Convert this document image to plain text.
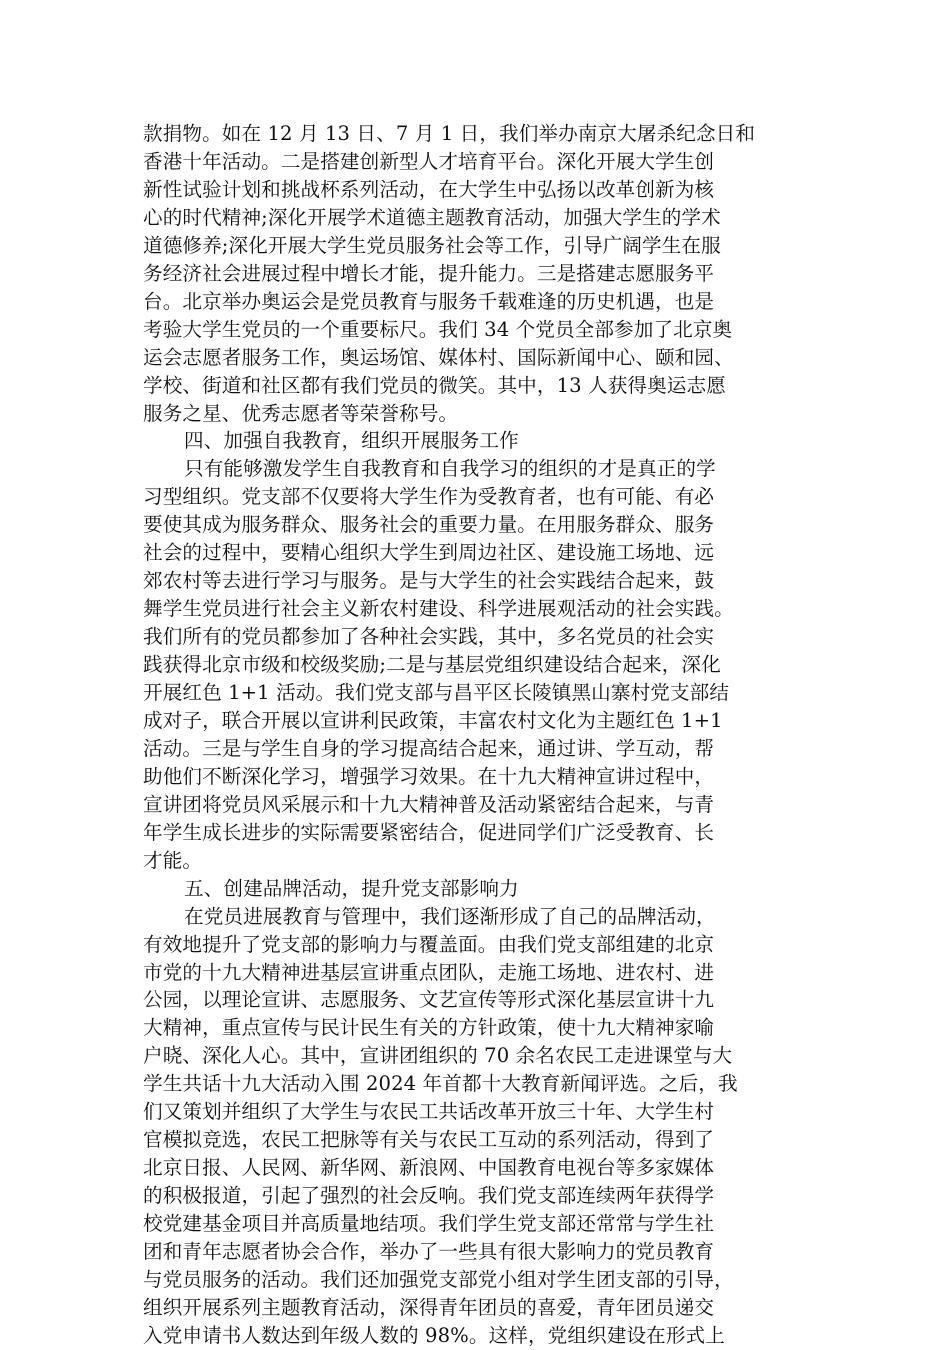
款捐物。如在 12 月 13 日、7 月 1 日，我们举办南京大屠杀纪念日和
香港十年活动。二是搭建创新型人才培育平台。深化开展大学生创
新性试验计划和挑战杯系列活动，在大学生中弘扬以改革创新为核
心的时代精神;深化开展学术道德主题教育活动，加强大学生的学术
道德修养;深化开展大学生党员服务社会等工作，引导广阔学生在服
务经济社会进展过程中增长才能，提升能力。三是搭建志愿服务平
台。北京举办奥运会是党员教育与服务千载难逢的历史机遇，也是
考验大学生党员的一个重要标尺。我们 34 个党员全部参加了北京奥
运会志愿者服务工作，奥运场馆、媒体村、国际新闻中心、颐和园、
学校、街道和社区都有我们党员的微笑。其中，13 人获得奥运志愿
服务之星、优秀志愿者等荣誉称号。
四、加强自我教育，组织开展服务工作
只有能够激发学生自我教育和自我学习的组织的才是真正的学
习型组织。党支部不仅要将大学生作为受教育者，也有可能、有必
要使其成为服务群众、服务社会的重要力量。在用服务群众、服务
社会的过程中，要精心组织大学生到周边社区、建设施工场地、远
郊农村等去进行学习与服务。是与大学生的社会实践结合起来，鼓
舞学生党员进行社会主义新农村建设、科学进展观活动的社会实践。
我们所有的党员都参加了各种社会实践，其中，多名党员的社会实
践获得北京市级和校级奖励;二是与基层党组织建设结合起来，深化
开展红色 1+1 活动。我们党支部与昌平区长陵镇黑山寨村党支部结
成对子，联合开展以宣讲利民政策，丰富农村文化为主题红色 1+1
活动。三是与学生自身的学习提高结合起来，通过讲、学互动，帮
助他们不断深化学习，增强学习效果。在十九大精神宣讲过程中，
宣讲团将党员风采展示和十九大精神普及活动紧密结合起来，与青
年学生成长进步的实际需要紧密结合，促进同学们广泛受教育、长
才能。
五、创建品牌活动，提升党支部影响力
在党员进展教育与管理中，我们逐渐形成了自己的品牌活动，
有效地提升了党支部的影响力与覆盖面。由我们党支部组建的北京
市党的十九大精神进基层宣讲重点团队，走施工场地、进农村、进
公园，以理论宣讲、志愿服务、文艺宣传等形式深化基层宣讲十九
大精神，重点宣传与民计民生有关的方针政策，使十九大精神家喻
户晓、深化人心。其中，宣讲团组织的 70 余名农民工走进课堂与大
学生共话十九大活动入围 2024 年首都十大教育新闻评选。之后，我
们又策划并组织了大学生与农民工共话改革开放三十年、大学生村
官模拟竞选，农民工把脉等有关与农民工互动的系列活动，得到了
北京日报、人民网、新华网、新浪网、中国教育电视台等多家媒体
的积极报道，引起了强烈的社会反响。我们党支部连续两年获得学
校党建基金项目并高质量地结项。我们学生党支部还常常与学生社
团和青年志愿者协会合作，举办了一些具有很大影响力的党员教育
与党员服务的活动。我们还加强党支部党小组对学生团支部的引导，
组织开展系列主题教育活动，深得青年团员的喜爱，青年团员递交
入党申请书人数达到年级人数的 98%。这样，党组织建设在形式上
